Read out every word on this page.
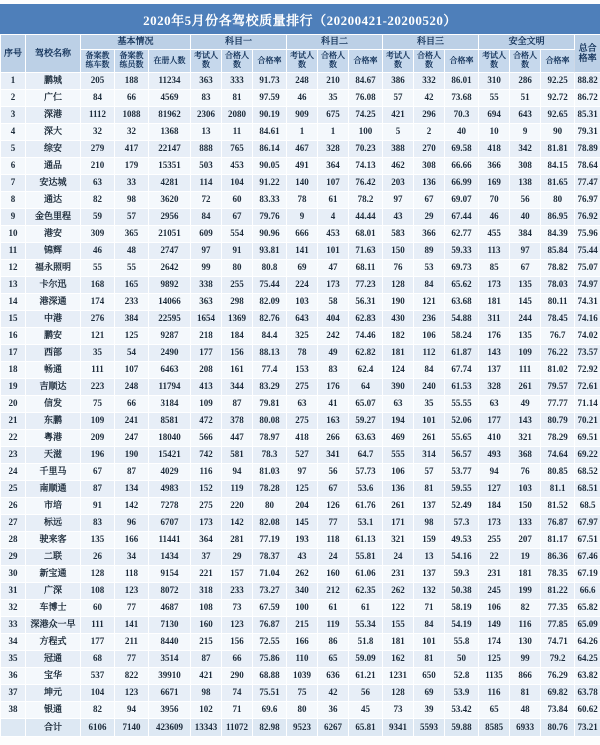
2020年5月份各驾校质量排行（20200421-20200520）
序号	驾校名称	基本情况			科目一			科目二			科目三			安全文明			总合格率
		备案教练车数	备案教练员数	在册人数	考试人数	合格人数	合格率	考试人数	合格人数	合格率	考试人数	合格人数	合格率	考试人数	合格人数	合格率	
1	鹏城	205	188	11234	363	333	91.73	248	210	84.67	386	332	86.01	310	286	92.25	88.82
2	广仁	84	66	4569	83	81	97.59	46	35	76.08	57	42	73.68	55	51	92.72	86.72
3	深港	1112	1088	81962	2306	2080	90.19	909	675	74.25	421	296	70.3	694	643	92.65	85.31
4	深大	32	32	1368	13	11	84.61	1	1	100	5	2	40	10	9	90	79.31
5	综安	279	417	22147	888	765	86.14	467	328	70.23	388	270	69.58	418	342	81.81	78.89
6	通品	210	179	15351	503	453	90.05	491	364	74.13	462	308	66.66	366	308	84.15	78.64
7	安达城	63	33	4281	114	104	91.22	140	107	76.42	203	136	66.99	169	138	81.65	77.47
8	通达	82	98	3620	72	60	83.33	78	61	78.2	97	67	69.07	70	56	80	76.97
9	金色里程	59	57	2956	84	67	79.76	9	4	44.44	43	29	67.44	46	40	86.95	76.92
10	港安	309	365	21051	609	554	90.96	666	453	68.01	583	366	62.77	455	384	84.39	75.96
11	锦辉	46	48	2747	97	91	93.81	141	101	71.63	150	89	59.33	113	97	85.84	75.44
12	福永照明	55	55	2642	99	80	80.8	69	47	68.11	76	53	69.73	85	67	78.82	75.07
13	卡尔迅	168	165	9892	338	255	75.44	224	173	77.23	128	84	65.62	173	135	78.03	74.97
14	港深通	174	233	14066	363	298	82.09	103	58	56.31	190	121	63.68	181	145	80.11	74.31
15	中港	276	384	22595	1654	1369	82.76	643	404	62.83	430	236	54.88	311	244	78.45	74.16
16	鹏安	121	125	9287	218	184	84.4	325	242	74.46	182	106	58.24	176	135	76.7	74.02
17	西部	35	54	2490	177	156	88.13	78	49	62.82	181	112	61.87	143	109	76.22	73.57
18	畅通	111	107	6463	208	161	77.4	153	83	62.4	124	84	67.74	137	111	81.02	72.92
19	吉顺达	223	248	11794	413	344	83.29	275	176	64	390	240	61.53	328	261	79.57	72.61
20	信发	75	66	3184	109	87	79.81	63	41	65.07	63	35	55.55	63	49	77.77	71.14
21	东鹏	109	241	8581	472	378	80.08	275	163	59.27	194	101	52.06	177	143	80.79	70.21
22	粤港	209	247	18040	566	447	78.97	418	266	63.63	469	261	55.65	410	321	78.29	69.51
23	天滋	196	190	15421	742	581	78.3	527	341	64.7	555	314	56.57	493	368	74.64	69.22
24	千里马	67	87	4029	116	94	81.03	97	56	57.73	106	57	53.77	94	76	80.85	68.52
25	南顺通	87	134	4983	152	119	78.28	125	67	53.6	136	81	59.55	127	103	81.1	68.51
26	市培	91	142	7278	275	220	80	204	126	61.76	261	137	52.49	184	150	81.52	68.5
27	标远	83	96	6707	173	142	82.08	145	77	53.1	171	98	57.3	173	133	76.87	67.97
28	驶来客	135	166	11441	364	281	77.19	193	118	61.13	321	159	49.53	255	207	81.17	67.51
29	二联	26	34	1434	37	29	78.37	43	24	55.81	24	13	54.16	22	19	86.36	67.46
30	新宝通	128	118	9154	221	157	71.04	262	160	61.06	231	137	59.3	231	181	78.35	67.19
31	广深	108	123	8072	318	233	73.27	340	212	62.35	262	132	50.38	245	199	81.22	66.6
32	车博士	60	77	4687	108	73	67.59	100	61	61	122	71	58.19	106	82	77.35	65.82
33	深港众一早	111	141	7130	160	123	76.87	215	119	55.34	155	84	54.19	149	116	77.85	65.09
34	方程式	177	211	8440	215	156	72.55	166	86	51.8	181	101	55.8	174	130	74.71	64.26
35	冠通	68	77	3514	87	66	75.86	110	65	59.09	162	81	50	125	99	79.2	64.25
36	宝华	537	822	39910	421	290	68.88	1039	636	61.21	1231	650	52.8	1135	866	76.29	63.82
37	坤元	104	123	6671	98	74	75.51	75	42	56	128	69	53.9	116	81	69.82	63.78
38	银通	82	94	3956	102	71	69.6	80	36	45	73	39	53.42	65	48	73.84	60.62
	合计	6106	7140	423609	13343	11072	82.98	9523	6267	65.81	9341	5593	59.88	8585	6933	80.76	73.21
